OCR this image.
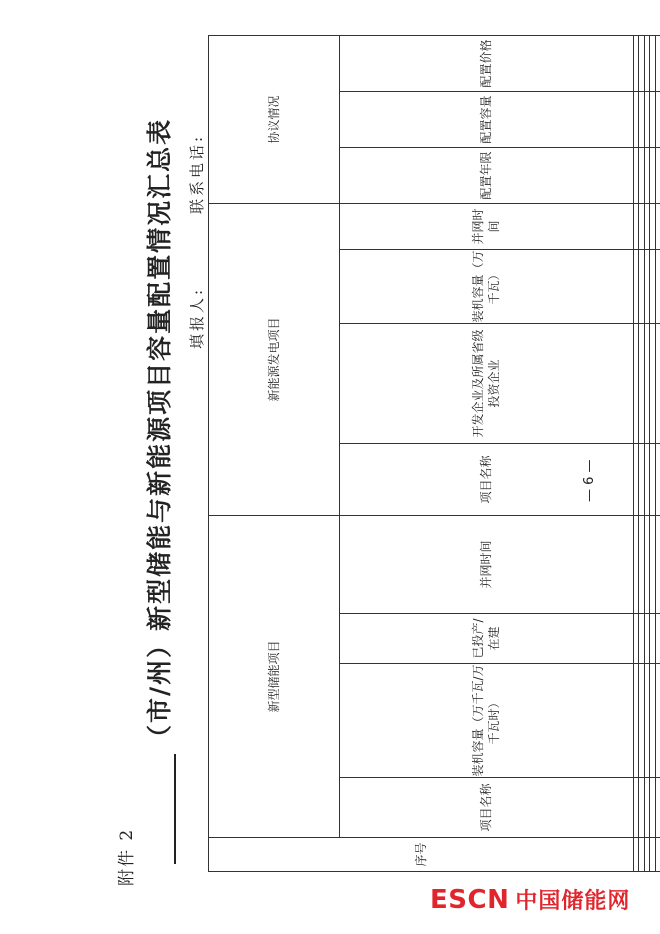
附件 2
（市/州）新型储能与新能源项目容量配置情况汇总表 填报人:
联系电话:
序号	新型储能项目				新能源发电项目				协议情况		
	项目名称	装机容量（万千瓦/万千瓦时）	已投产/在建	并网时间	项目名称	开发企业及所属省级投资企业	装机容量（万千瓦）	并网时间	配置年限	配置容量	配置价格

— 6 —
ESCN 中国储能网
